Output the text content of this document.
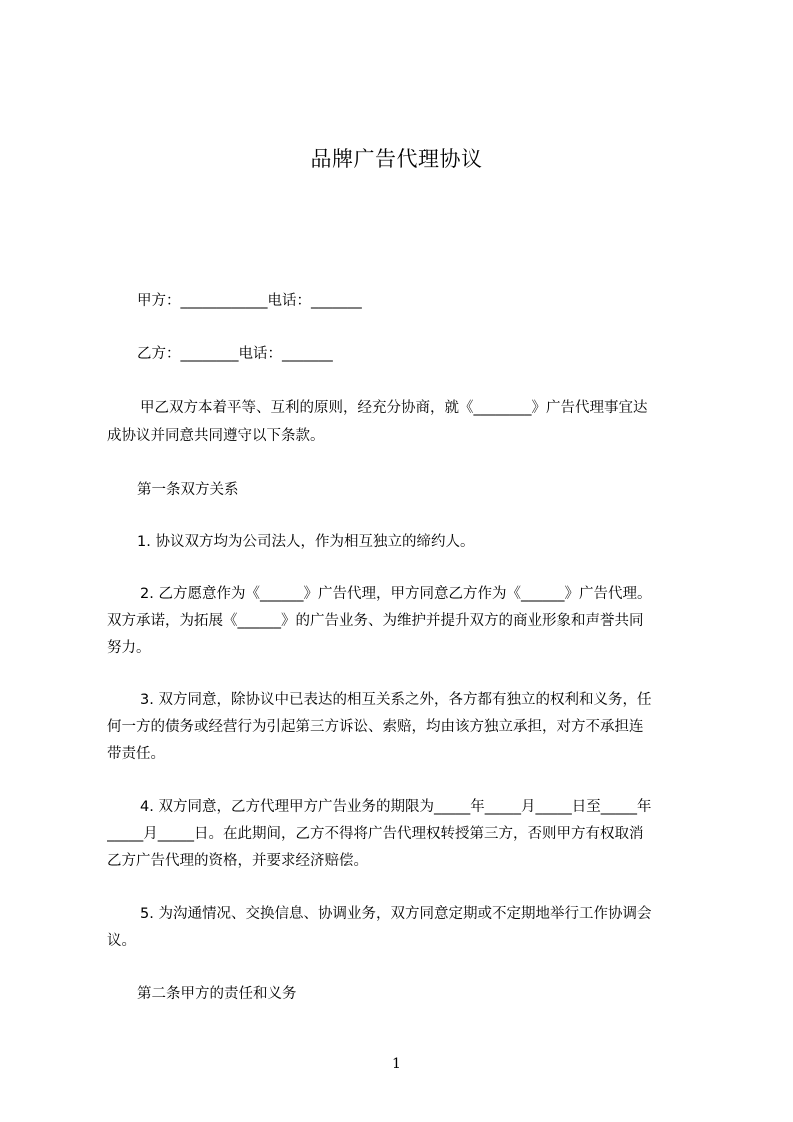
品牌广告代理协议
甲方：____________电话：_______
乙方：________电话：_______
甲乙双方本着平等、互利的原则，经充分协商，就《________》广告代理事宜达
成协议并同意共同遵守以下条款。
第一条双方关系
1. 协议双方均为公司法人，作为相互独立的缔约人。
2. 乙方愿意作为《______》广告代理，甲方同意乙方作为《______》广告代理。
双方承诺，为拓展《______》的广告业务、为维护并提升双方的商业形象和声誉共同
努力。
3. 双方同意，除协议中已表达的相互关系之外，各方都有独立的权利和义务，任
何一方的债务或经营行为引起第三方诉讼、索赔，均由该方独立承担，对方不承担连
带责任。
4. 双方同意，乙方代理甲方广告业务的期限为_____年_____月_____日至_____年
_____月_____日。在此期间，乙方不得将广告代理权转授第三方，否则甲方有权取消
乙方广告代理的资格，并要求经济赔偿。
5. 为沟通情况、交换信息、协调业务，双方同意定期或不定期地举行工作协调会
议。
第二条甲方的责任和义务
1
